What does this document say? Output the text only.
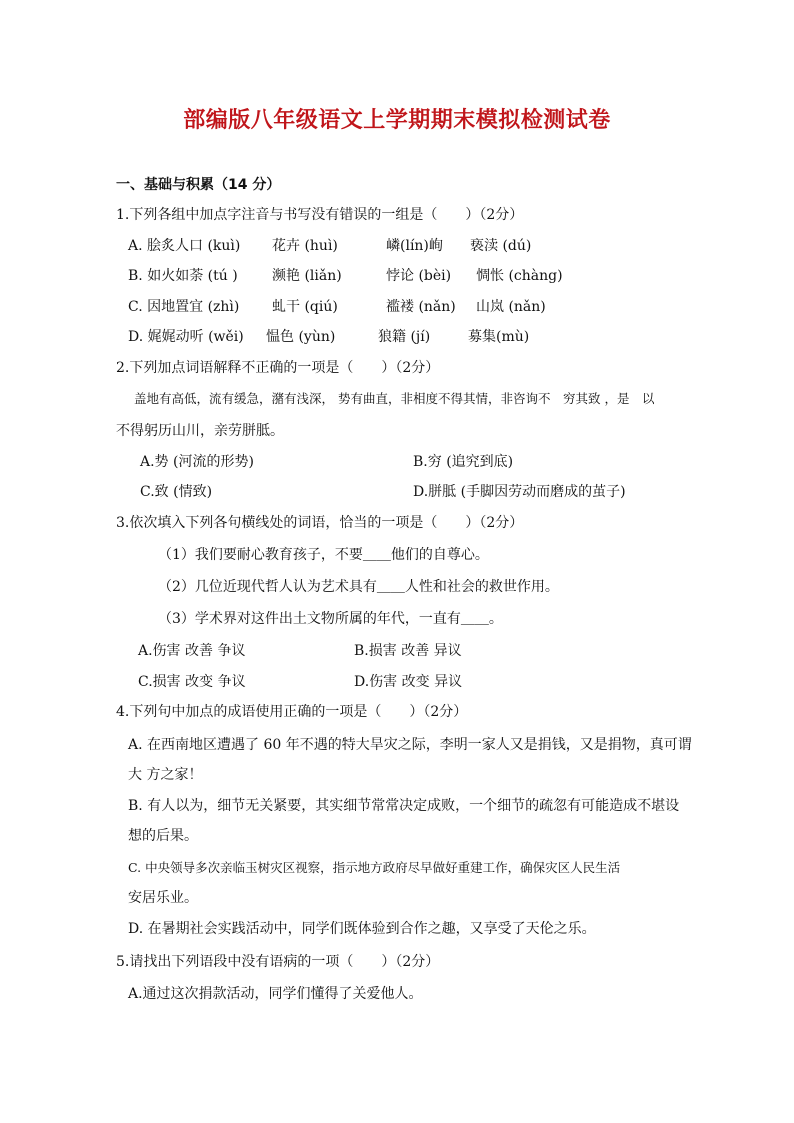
部编版八年级语文上学期期末模拟检测试卷
一、基础与积累（14 分）
1.下列各组中加点字注音与书写没有错误的一组是（　　）（2分）
A. 脍炙人口 (kuì) 花卉 (huì)	嶙(lín)峋 亵渎 (dú)
B. 如火如荼 (tú ) 濒艳 (liǎn)	悖论 (bèi) 惆怅 (chàng)
C. 因地置宜 (zhì) 虬干 (qiú)	褴褛 (nǎn) 山岚 (nǎn)
D. 娓娓动听 (wěi) 愠色 (yùn)	狼籍 (jí)	募集(mù)
2.下列加点词语解释不正确的一项是（　　）（2分）
盖地有高低，流有缓急，潴有浅深， 势有曲直，非相度不得其情，非咨询不　穷其致 ，是　以
不得躬历山川，亲劳胼胝。
A.势 (河流的形势)	B.穷 (追究到底)
C.致 (情致)	D.胼胝 (手脚因劳动而磨成的茧子)
3.依次填入下列各句横线处的词语，恰当的一项是（　　）（2分）
（1）我们要耐心教育孩子，不要＿＿他们的自尊心。
（2）几位近现代哲人认为艺术具有＿＿人性和社会的救世作用。
（3）学术界对这件出土文物所属的年代，一直有＿＿。
A.伤害 改善 争议	B.损害 改善 异议
C.损害 改变 争议	D.伤害 改变 异议
4.下列句中加点的成语使用正确的一项是（　　）（2分）
A. 在西南地区遭遇了 60 年不遇的特大旱灾之际，李明一家人又是捐钱，又是捐物，真可谓
大 方之家！
B. 有人以为，细节无关紧要，其实细节常常决定成败，一个细节的疏忽有可能造成不堪设
想的后果。
C. 中央领导多次亲临玉树灾区视察，指示地方政府尽早做好重建工作，确保灾区人民生活
安居乐业。
D. 在暑期社会实践活动中，同学们既体验到合作之趣，又享受了天伦之乐。
5.请找出下列语段中没有语病的一项（　　）（2分）
A.通过这次捐款活动，同学们懂得了关爱他人。
